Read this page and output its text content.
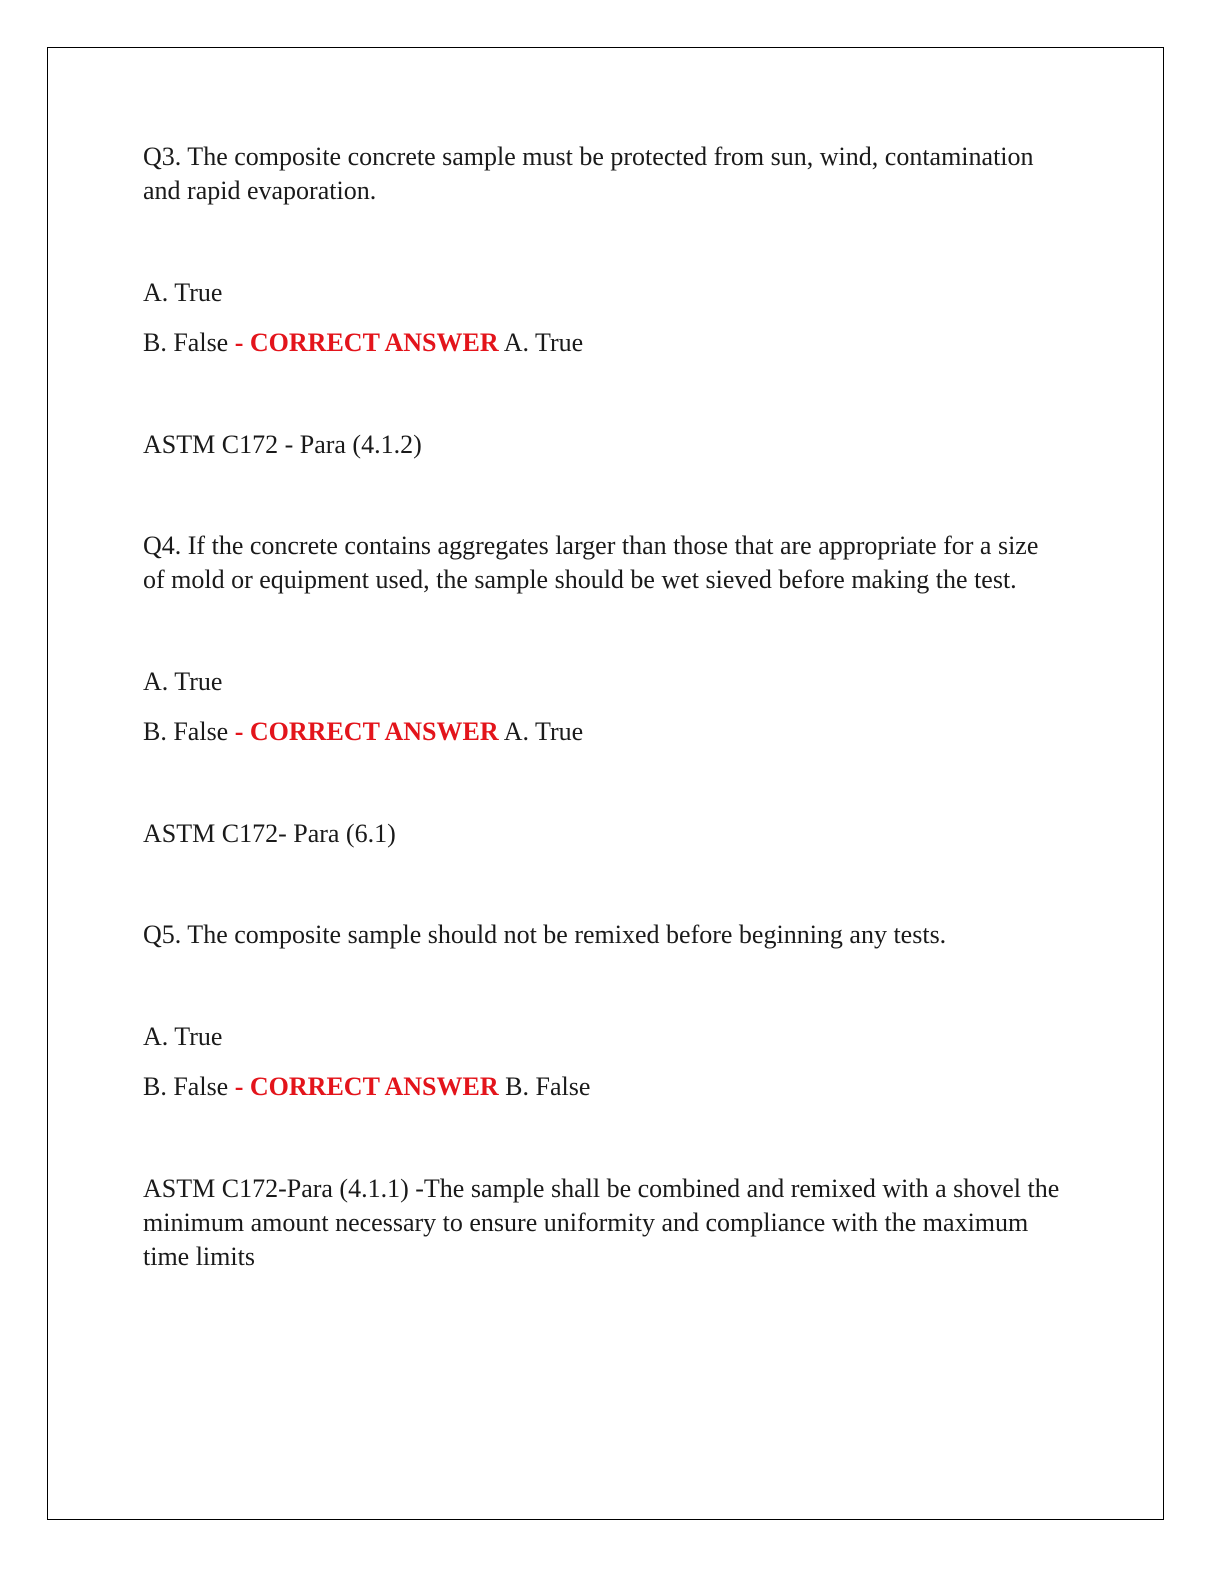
Q3. The composite concrete sample must be protected from sun, wind, contamination and rapid evaporation.

A. True

B. False - CORRECT ANSWER A. True

ASTM C172 - Para (4.1.2)

Q4. If the concrete contains aggregates larger than those that are appropriate for a size of mold or equipment used, the sample should be wet sieved before making the test.

A. True

B. False - CORRECT ANSWER A. True

ASTM C172- Para (6.1)

Q5. The composite sample should not be remixed before beginning any tests.

A. True

B. False - CORRECT ANSWER B. False

ASTM C172-Para (4.1.1) -The sample shall be combined and remixed with a shovel the minimum amount necessary to ensure uniformity and compliance with the maximum time limits
